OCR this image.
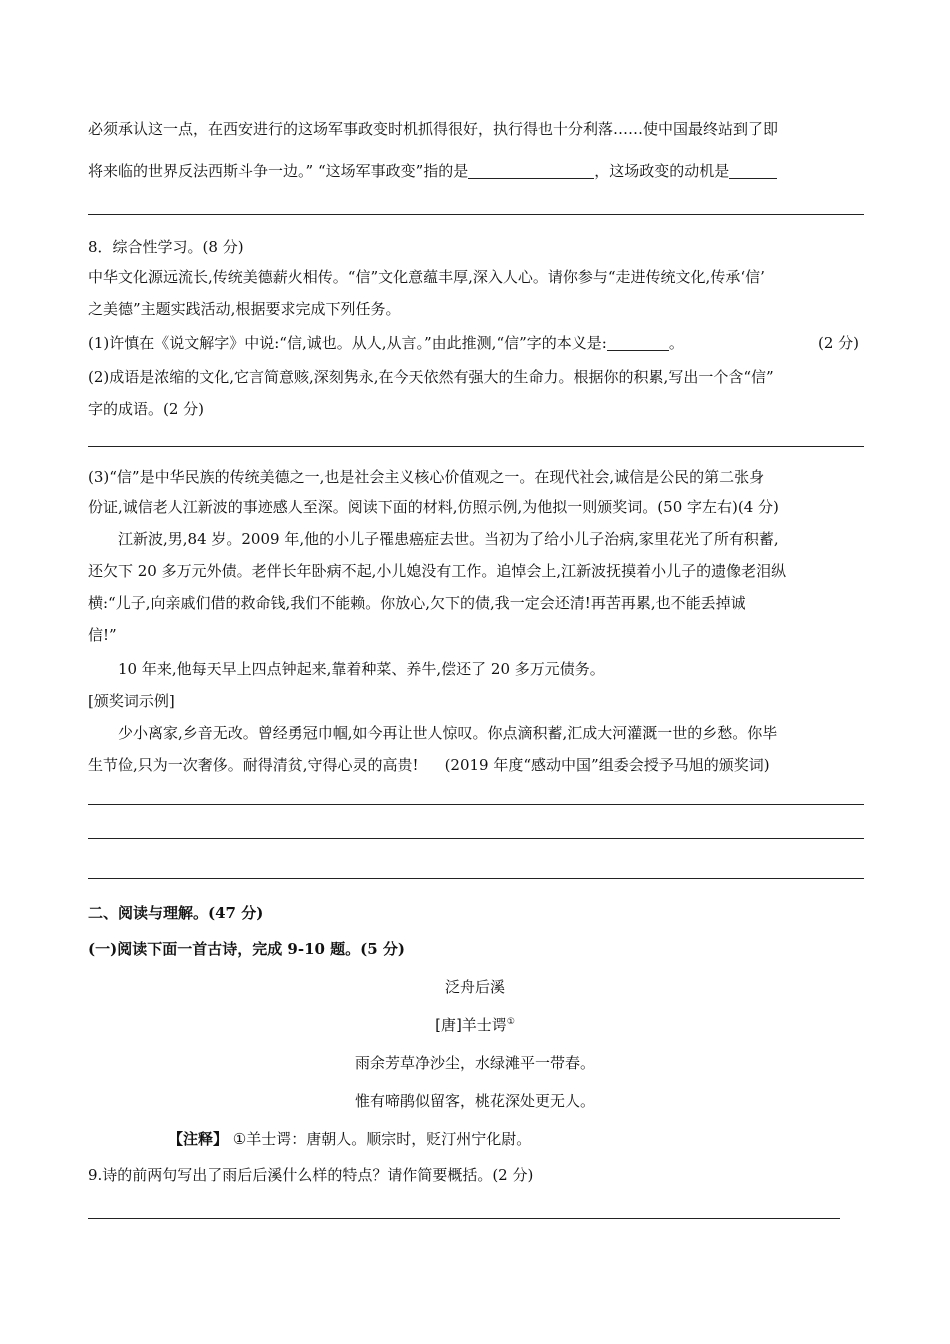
必须承认这一点，在西安进行的这场军事政变时机抓得很好，执行得也十分利落……使中国最终站到了即
将来临的世界反法西斯斗争一边。” “这场军事政变”指的是	，这场政变的动机是
8．综合性学习。(8 分)
中华文化源远流长,传统美德薪火相传。“信”文化意蕴丰厚,深入人心。请你参与“走进传统文化,传承‘信’
之美德”主题实践活动,根据要求完成下列任务。
(1)许慎在《说文解字》中说:“信,诚也。从人,从言。”由此推测,“信”字的本义是:	。	(2 分)
(2)成语是浓缩的文化,它言简意赅,深刻隽永,在今天依然有强大的生命力。根据你的积累,写出一个含“信”
字的成语。(2 分)
(3)“信”是中华民族的传统美德之一,也是社会主义核心价值观之一。在现代社会,诚信是公民的第二张身
份证,诚信老人江新波的事迹感人至深。阅读下面的材料,仿照示例,为他拟一则颁奖词。(50 字左右)(4 分)
江新波,男,84 岁。2009 年,他的小儿子罹患癌症去世。当初为了给小儿子治病,家里花光了所有积蓄,
还欠下 20 多万元外债。老伴长年卧病不起,小儿媳没有工作。追悼会上,江新波抚摸着小儿子的遗像老泪纵
横:“儿子,向亲戚们借的救命钱,我们不能赖。你放心,欠下的债,我一定会还清!再苦再累,也不能丢掉诚
信!”
10 年来,他每天早上四点钟起来,靠着种菜、养牛,偿还了 20 多万元债务。
[颁奖词示例]
少小离家,乡音无改。曾经勇冠巾帼,如今再让世人惊叹。你点滴积蓄,汇成大河灌溉一世的乡愁。你毕
生节俭,只为一次奢侈。耐得清贫,守得心灵的高贵! (2019 年度“感动中国”组委会授予马旭的颁奖词)
二、阅读与理解。(47 分)
(一)阅读下面一首古诗，完成 9-10 题。(5 分)
泛舟后溪
[唐]羊士谔①
雨余芳草净沙尘，水绿滩平一带春。
惟有啼鹃似留客，桃花深处更无人。
【注释】 ①羊士谔：唐朝人。顺宗时，贬汀州宁化尉。
9.诗的前两句写出了雨后后溪什么样的特点？请作简要概括。(2 分)
